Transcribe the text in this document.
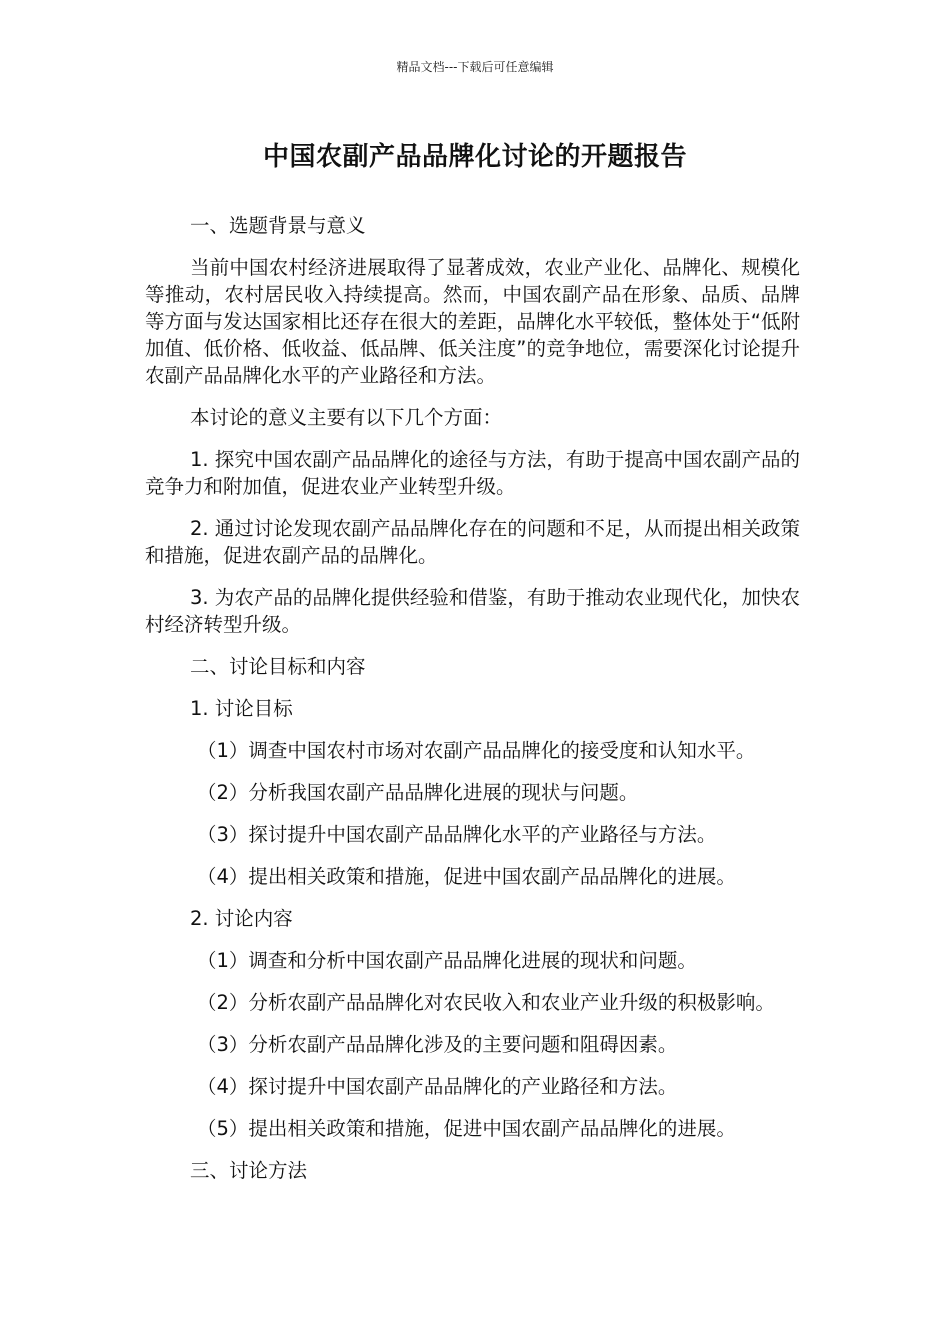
精品文档---下载后可任意编辑
中国农副产品品牌化讨论的开题报告

一、选题背景与意义

当前中国农村经济进展取得了显著成效，农业产业化、品牌化、规模化等推动，农村居民收入持续提高。然而，中国农副产品在形象、品质、品牌等方面与发达国家相比还存在很大的差距，品牌化水平较低，整体处于“低附加值、低价格、低收益、低品牌、低关注度”的竞争地位，需要深化讨论提升农副产品品牌化水平的产业路径和方法。

本讨论的意义主要有以下几个方面：

1. 探究中国农副产品品牌化的途径与方法，有助于提高中国农副产品的竞争力和附加值，促进农业产业转型升级。

2. 通过讨论发现农副产品品牌化存在的问题和不足，从而提出相关政策和措施，促进农副产品的品牌化。

3. 为农产品的品牌化提供经验和借鉴，有助于推动农业现代化，加快农村经济转型升级。

二、讨论目标和内容

1. 讨论目标

（1）调查中国农村市场对农副产品品牌化的接受度和认知水平。

（2）分析我国农副产品品牌化进展的现状与问题。

（3）探讨提升中国农副产品品牌化水平的产业路径与方法。

（4）提出相关政策和措施，促进中国农副产品品牌化的进展。

2. 讨论内容

（1）调查和分析中国农副产品品牌化进展的现状和问题。

（2）分析农副产品品牌化对农民收入和农业产业升级的积极影响。

（3）分析农副产品品牌化涉及的主要问题和阻碍因素。

（4）探讨提升中国农副产品品牌化的产业路径和方法。

（5）提出相关政策和措施，促进中国农副产品品牌化的进展。

三、讨论方法
